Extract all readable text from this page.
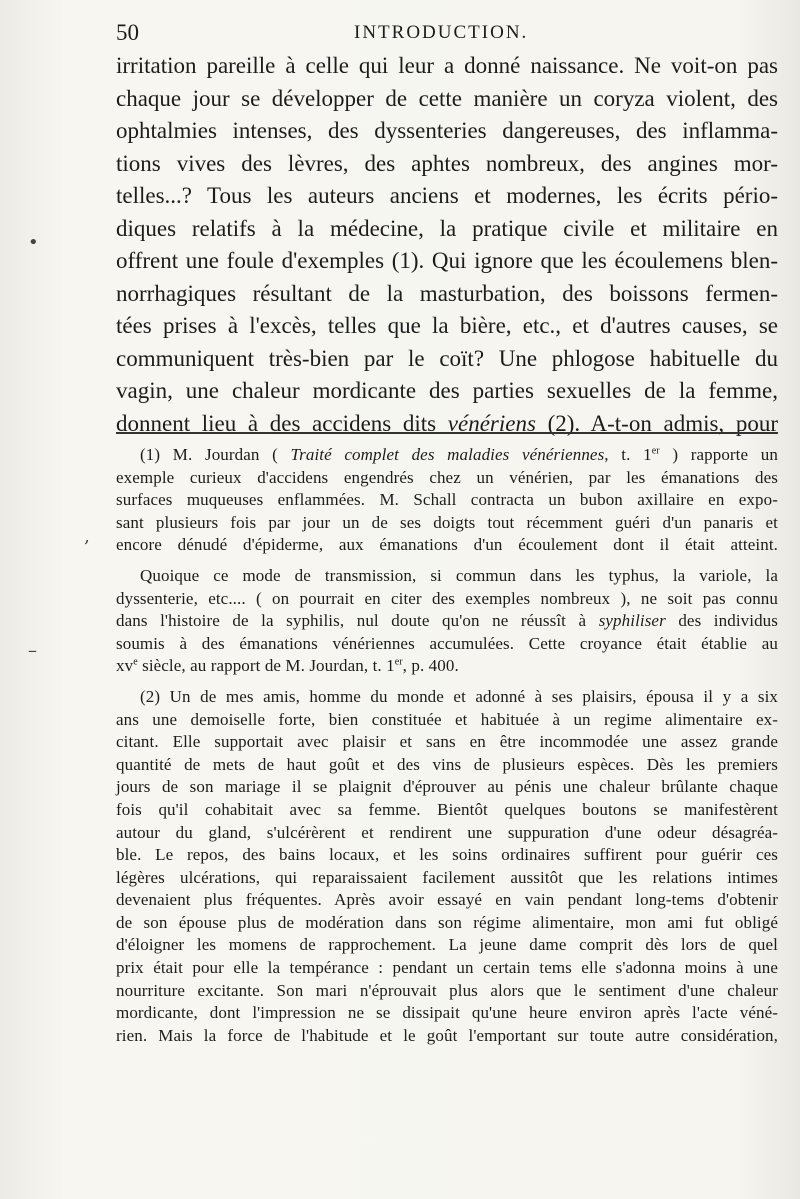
50	INTRODUCTION.
irritation pareille à celle qui leur a donné naissance. Ne voit-on pas
chaque jour se développer de cette manière un coryza violent, des
ophtalmies intenses, des dyssenteries dangereuses, des inflamma-
tions vives des lèvres, des aphtes nombreux, des angines mor-
telles...? Tous les auteurs anciens et modernes, les écrits pério-
diques relatifs à la médecine, la pratique civile et militaire en
offrent une foule d'exemples (1). Qui ignore que les écoulemens blen-
norrhagiques résultant de la masturbation, des boissons fermen-
tées prises à l'excès, telles que la bière, etc., et d'autres causes, se
communiquent très-bien par le coït? Une phlogose habituelle du
vagin, une chaleur mordicante des parties sexuelles de la femme,
donnent lieu à des accidens dits vénériens (2). A-t-on admis, pour
(1) M. Jourdan ( Traité complet des maladies vénériennes, t. 1er ) rapporte un
exemple curieux d'accidens engendrés chez un vénérien, par les émanations des
surfaces muqueuses enflammées. M. Schall contracta un bubon axillaire en expo-
sant plusieurs fois par jour un de ses doigts tout récemment guéri d'un panaris et
encore dénudé d'épiderme, aux émanations d'un écoulement dont il était atteint.
Quoique ce mode de transmission, si commun dans les typhus, la variole, la
dyssenterie, etc.... ( on pourrait en citer des exemples nombreux ), ne soit pas connu
dans l'histoire de la syphilis, nul doute qu'on ne réussît à syphiliser des individus
soumis à des émanations vénériennes accumulées. Cette croyance était établie au
$xv^e$ siècle, au rapport de M. Jourdan, t. 1er, p. 400.
(2) Un de mes amis, homme du monde et adonné à ses plaisirs, épousa il y a six
ans une demoiselle forte, bien constituée et habituée à un regime alimentaire ex-
citant. Elle supportait avec plaisir et sans en être incommodée une assez grande
quantité de mets de haut goût et des vins de plusieurs espèces. Dès les premiers
jours de son mariage il se plaignit d'éprouver au pénis une chaleur brûlante chaque
fois qu'il cohabitait avec sa femme. Bientôt quelques boutons se manifestèrent
autour du gland, s'ulcérèrent et rendirent une suppuration d'une odeur désagréa-
ble. Le repos, des bains locaux, et les soins ordinaires suffirent pour guérir ces
légères ulcérations, qui reparaissaient facilement aussitôt que les relations intimes
devenaient plus fréquentes. Après avoir essayé en vain pendant long-tems d'obtenir
de son épouse plus de modération dans son régime alimentaire, mon ami fut obligé
d'éloigner les momens de rapprochement. La jeune dame comprit dès lors de quel
prix était pour elle la tempérance : pendant un certain tems elle s'adonna moins à une
nourriture excitante. Son mari n'éprouvait plus alors que le sentiment d'une chaleur
mordicante, dont l'impression ne se dissipait qu'une heure environ après l'acte véné-
rien. Mais la force de l'habitude et le goût l'emportant sur toute autre considération,
•
‚
–
